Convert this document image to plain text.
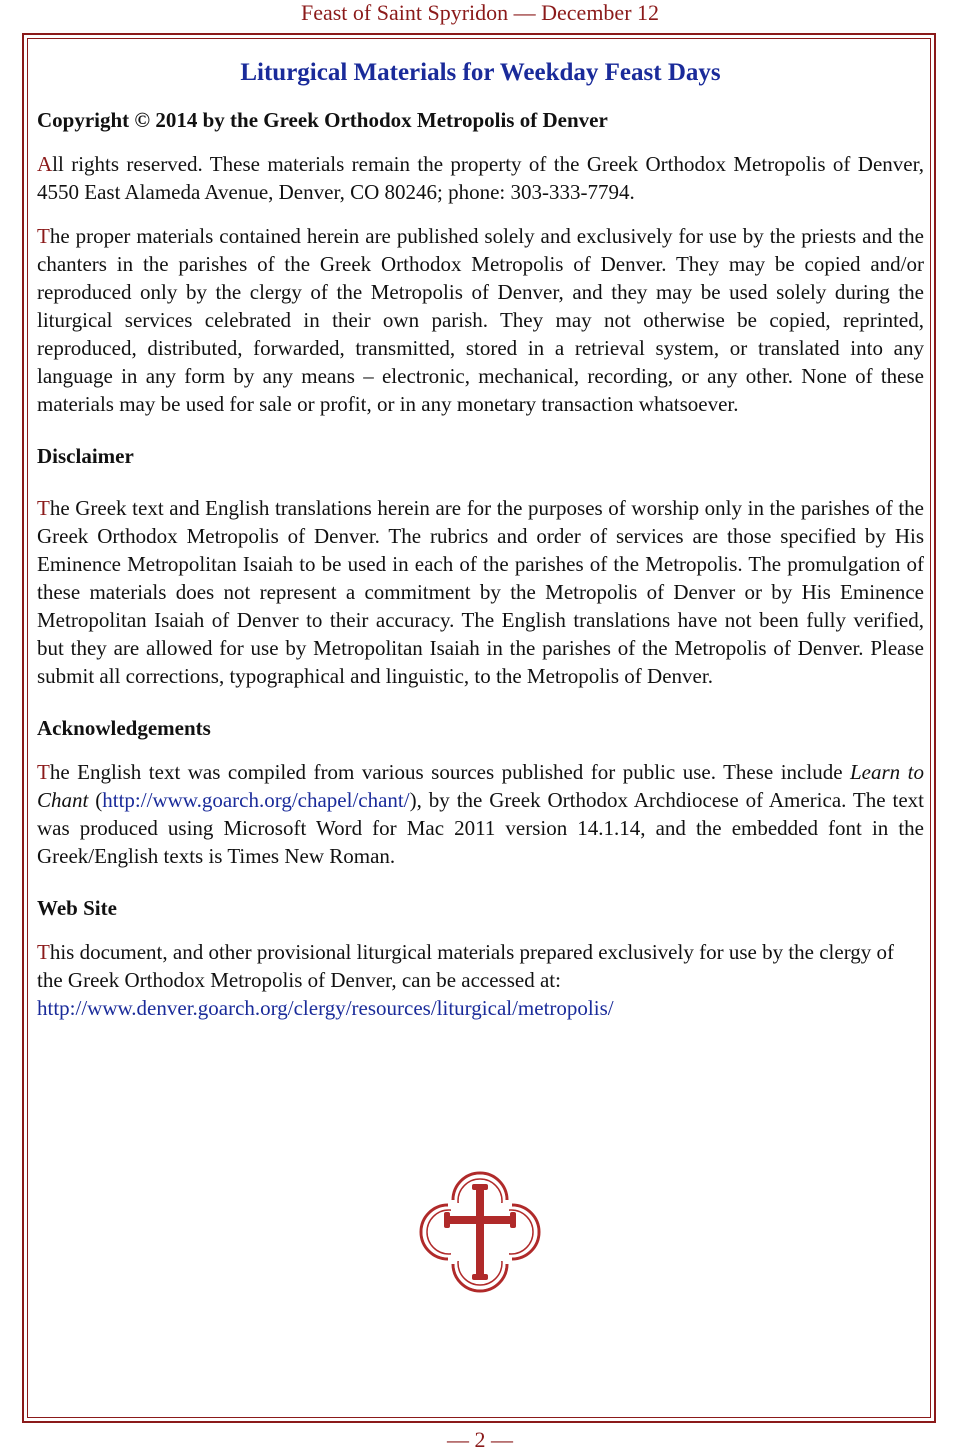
Feast of Saint Spyridon — December 12
Liturgical Materials for Weekday Feast Days

Copyright © 2014 by the Greek Orthodox Metropolis of Denver

All rights reserved. These materials remain the property of the Greek Orthodox Metropolis of Denver, 4550 East Alameda Avenue, Denver, CO 80246; phone: 303-333-7794.

The proper materials contained herein are published solely and exclusively for use by the priests and the chanters in the parishes of the Greek Orthodox Metropolis of Denver. They may be copied and/or reproduced only by the clergy of the Metropolis of Denver, and they may be used solely during the liturgical services celebrated in their own parish. They may not otherwise be copied, reprinted, reproduced, distributed, forwarded, transmitted, stored in a retrieval system, or translated into any language in any form by any means – electronic, mechanical, recording, or any other. None of these materials may be used for sale or profit, or in any monetary transaction whatsoever.

Disclaimer

The Greek text and English translations herein are for the purposes of worship only in the parishes of the Greek Orthodox Metropolis of Denver. The rubrics and order of services are those specified by His Eminence Metropolitan Isaiah to be used in each of the parishes of the Metropolis. The promulgation of these materials does not represent a commitment by the Metropolis of Denver or by His Eminence Metropolitan Isaiah of Denver to their accuracy. The English translations have not been fully verified, but they are allowed for use by Metropolitan Isaiah in the parishes of the Metropolis of Denver. Please submit all corrections, typographical and linguistic, to the Metropolis of Denver.

Acknowledgements

The English text was compiled from various sources published for public use. These include Learn to Chant (http://www.goarch.org/chapel/chant/), by the Greek Orthodox Archdiocese of America. The text was produced using Microsoft Word for Mac 2011 version 14.1.14, and the embedded font in the Greek/English texts is Times New Roman.

Web Site

This document, and other provisional liturgical materials prepared exclusively for use by the clergy of the Greek Orthodox Metropolis of Denver, can be accessed at:
http://www.denver.goarch.org/clergy/resources/liturgical/metropolis/

— 2 —
